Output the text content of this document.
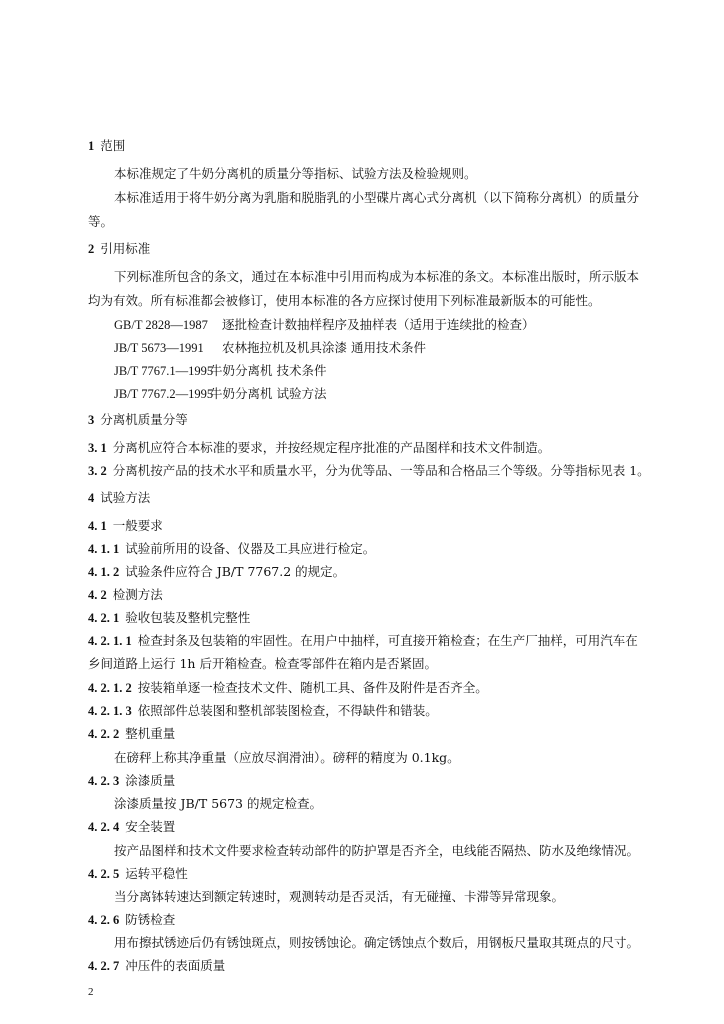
1 范围
本标准规定了牛奶分离机的质量分等指标、试验方法及检验规则。
本标准适用于将牛奶分离为乳脂和脱脂乳的小型碟片离心式分离机（以下简称分离机）的质量分
等。
2 引用标准
下列标准所包含的条文，通过在本标准中引用而构成为本标准的条文。本标准出版时，所示版本
均为有效。所有标准都会被修订，使用本标准的各方应探讨使用下列标准最新版本的可能性。
GB/T 2828—1987 逐批检查计数抽样程序及抽样表（适用于连续批的检查）
JB/T 5673—1991 农林拖拉机及机具涂漆 通用技术条件
JB/T 7767.1—1995牛奶分离机 技术条件
JB/T 7767.2—1995牛奶分离机 试验方法
3 分离机质量分等
3. 1 分离机应符合本标准的要求，并按经规定程序批准的产品图样和技术文件制造。
3. 2 分离机按产品的技术水平和质量水平，分为优等品、一等品和合格品三个等级。分等指标见表 1。
4 试验方法
4. 1 一般要求
4. 1. 1 试验前所用的设备、仪器及工具应进行检定。
4. 1. 2 试验条件应符合 JB/T 7767.2 的规定。
4. 2 检测方法
4. 2. 1 验收包装及整机完整性
4. 2. 1. 1 检查封条及包装箱的牢固性。在用户中抽样，可直接开箱检查；在生产厂抽样，可用汽车在
乡间道路上运行 1h 后开箱检查。检查零部件在箱内是否紧固。
4. 2. 1. 2 按装箱单逐一检查技术文件、随机工具、备件及附件是否齐全。
4. 2. 1. 3 依照部件总装图和整机部装图检查，不得缺件和错装。
4. 2. 2 整机重量
在磅秤上称其净重量（应放尽润滑油）。磅秤的精度为 0.1kg。
4. 2. 3 涂漆质量
涂漆质量按 JB/T 5673 的规定检查。
4. 2. 4 安全装置
按产品图样和技术文件要求检查转动部件的防护罩是否齐全，电线能否隔热、防水及绝缘情况。
4. 2. 5 运转平稳性
当分离钵转速达到额定转速时，观测转动是否灵活，有无碰撞、卡滞等异常现象。
4. 2. 6 防锈检查
用布擦拭锈迹后仍有锈蚀斑点，则按锈蚀论。确定锈蚀点个数后，用钢板尺量取其斑点的尺寸。
4. 2. 7 冲压件的表面质量
2
